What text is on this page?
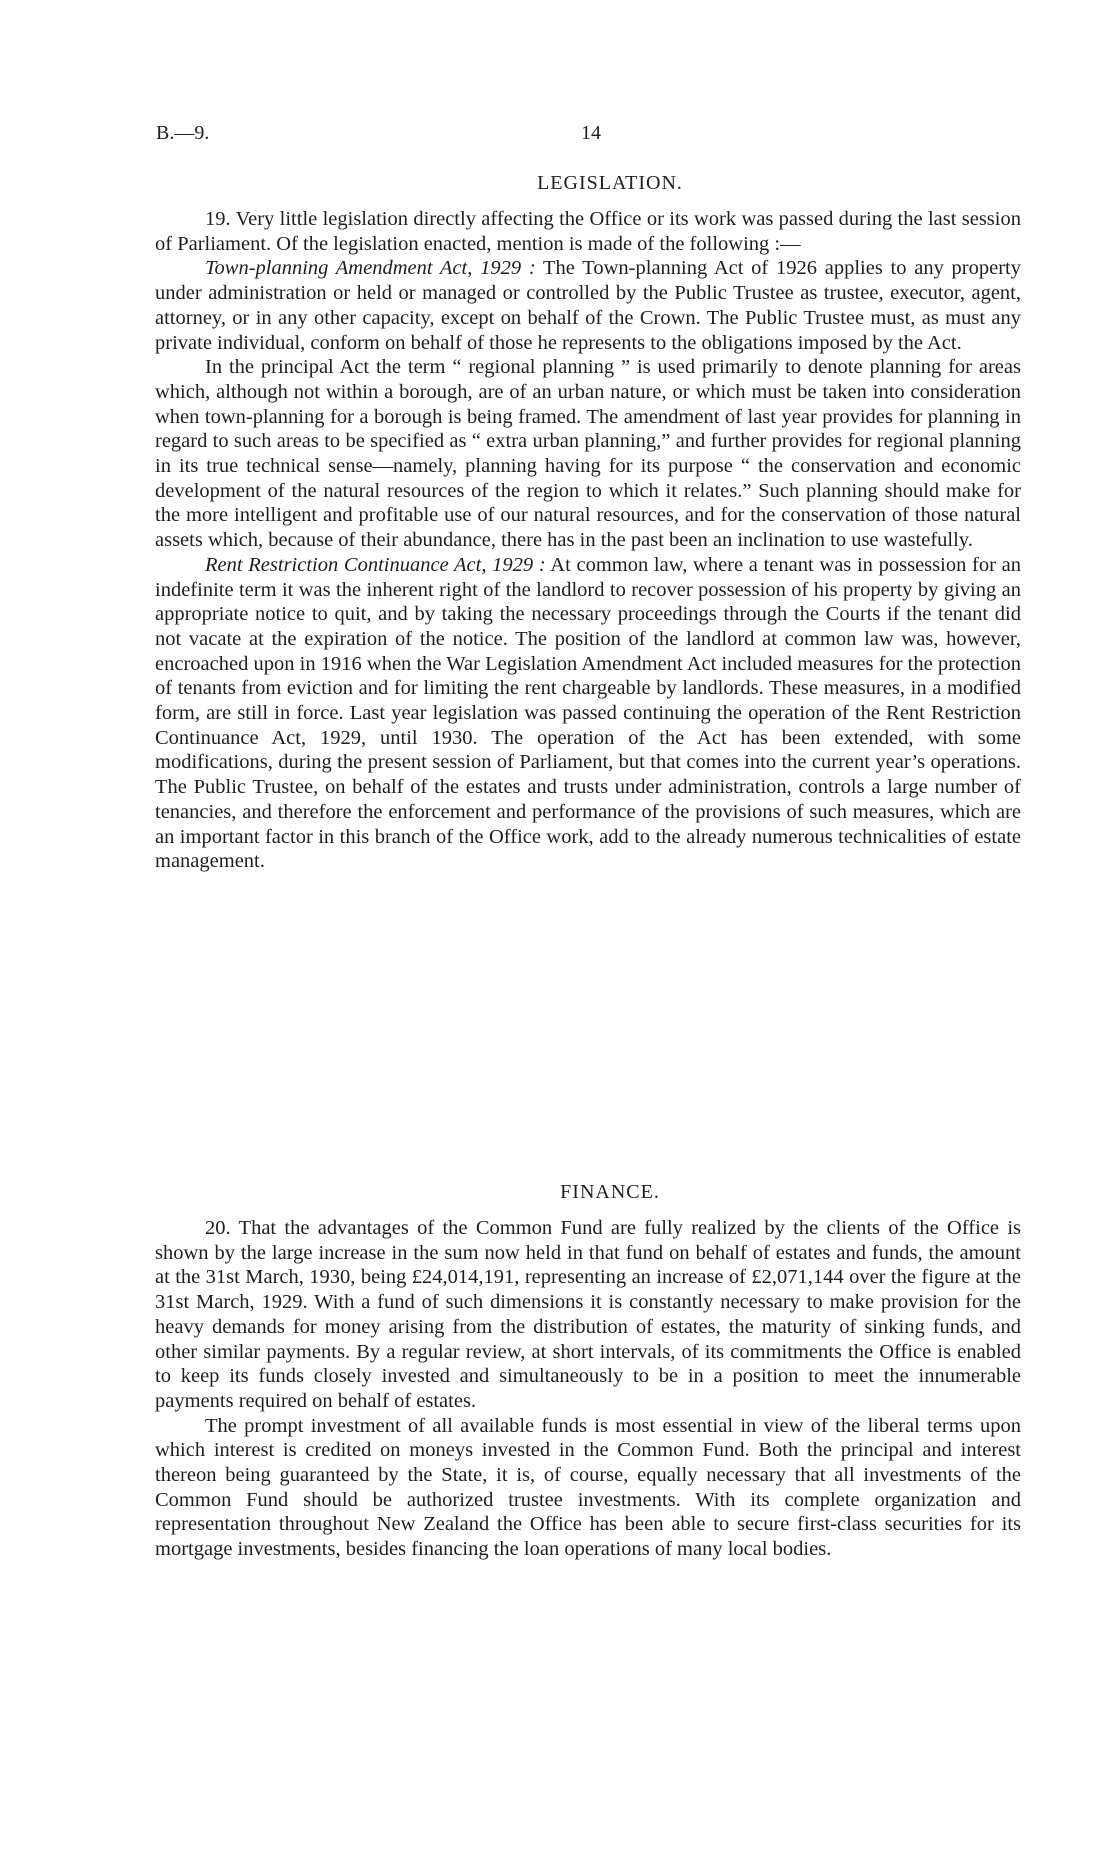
B.—9.	14
LEGISLATION.

19. Very little legislation directly affecting the Office or its work was passed during the last session of Parliament. Of the legislation enacted, mention is made of the following :—

Town-planning Amendment Act, 1929 : The Town-planning Act of 1926 applies to any property under administration or held or managed or controlled by the Public Trustee as trustee, executor, agent, attorney, or in any other capacity, except on behalf of the Crown. The Public Trustee must, as must any private individual, conform on behalf of those he represents to the obligations imposed by the Act.

In the principal Act the term “ regional planning ” is used primarily to denote planning for areas which, although not within a borough, are of an urban nature, or which must be taken into consideration when town-planning for a borough is being framed. The amendment of last year provides for planning in regard to such areas to be specified as “ extra urban planning,” and further provides for regional planning in its true technical sense—namely, planning having for its purpose “ the conservation and economic development of the natural resources of the region to which it relates.” Such planning should make for the more intelligent and profitable use of our natural resources, and for the conservation of those natural assets which, because of their abundance, there has in the past been an inclination to use wastefully.

Rent Restriction Continuance Act, 1929 : At common law, where a tenant was in possession for an indefinite term it was the inherent right of the landlord to recover possession of his property by giving an appropriate notice to quit, and by taking the necessary proceedings through the Courts if the tenant did not vacate at the expiration of the notice. The position of the landlord at common law was, however, encroached upon in 1916 when the War Legislation Amendment Act included measures for the protection of tenants from eviction and for limiting the rent chargeable by landlords. These measures, in a modified form, are still in force. Last year legislation was passed continuing the operation of the Rent Restriction Continuance Act, 1929, until 1930. The operation of the Act has been extended, with some modifications, during the present session of Parliament, but that comes into the current year’s operations. The Public Trustee, on behalf of the estates and trusts under administration, controls a large number of tenancies, and therefore the enforcement and performance of the provisions of such measures, which are an important factor in this branch of the Office work, add to the already numerous technicalities of estate management.

FINANCE.

20. That the advantages of the Common Fund are fully realized by the clients of the Office is shown by the large increase in the sum now held in that fund on behalf of estates and funds, the amount at the 31st March, 1930, being £24,014,191, representing an increase of £2,071,144 over the figure at the 31st March, 1929. With a fund of such dimensions it is constantly necessary to make provision for the heavy demands for money arising from the distribution of estates, the maturity of sinking funds, and other similar payments. By a regular review, at short intervals, of its commitments the Office is enabled to keep its funds closely invested and simultaneously to be in a position to meet the innumerable payments required on behalf of estates.

The prompt investment of all available funds is most essential in view of the liberal terms upon which interest is credited on moneys invested in the Common Fund. Both the principal and interest thereon being guaranteed by the State, it is, of course, equally necessary that all investments of the Common Fund should be authorized trustee investments. With its complete organization and representation throughout New Zealand the Office has been able to secure first-class securities for its mortgage investments, besides financing the loan operations of many local bodies.
